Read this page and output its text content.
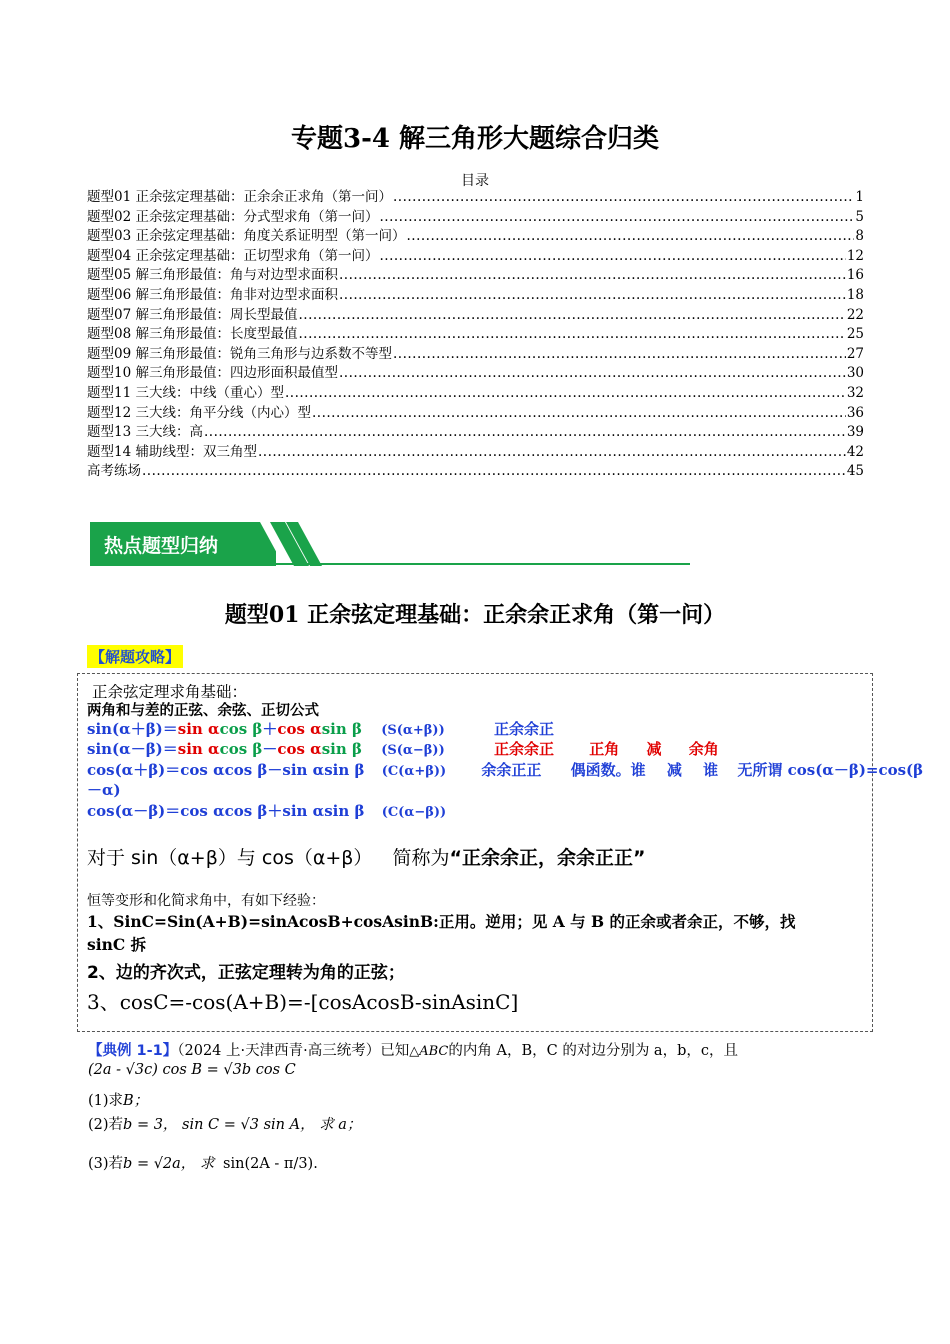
专题3-4 解三角形大题综合归类
目录
题型01 正余弦定理基础：正余余正求角（第一问） .....	1
题型02 正余弦定理基础：分式型求角（第一问） .....	5
题型03 正余弦定理基础：角度关系证明型（第一问） .....	8
题型04 正余弦定理基础：正切型求角（第一问） .....	12
题型05 解三角形最值：角与对边型求面积 .....	16
题型06 解三角形最值：角非对边型求面积 .....	18
题型07 解三角形最值：周长型最值 .....	22
题型08 解三角形最值：长度型最值 .....	25
题型09 解三角形最值：锐角三角形与边系数不等型 .....	27
题型10 解三角形最值：四边形面积最值型 .....	30
题型11 三大线：中线（重心）型 .....	32
题型12 三大线：角平分线（内心）型 .....	36
题型13 三大线：高 .....	39
题型14 辅助线型：双三角型 .....	42
高考练场 .....	45
热点题型归纳
题型01 正余弦定理基础：正余余正求角（第一问）
【解题攻略】
正余弦定理求角基础：
两角和与差的正弦、余弦、正切公式
sin(α＋β)＝sin αcos β＋cos αsin β (S(α+β))	正余余正
sin(α－β)＝sin αcos β－cos αsin β (S(α−β))	正余余正 正角 减 余角
cos(α＋β)＝cos αcos β－sin αsin β (C(α+β)) 余余正正 偶函数。谁 减 谁 无所谓 cos(α－β)=cos(β
－α)
cos(α－β)＝cos αcos β＋sin αsin β (C(α−β))
对于 sin（α+β）与 cos（α+β） 简称为“正余余正，余余正正”
恒等变形和化简求角中，有如下经验：
1、SinC=Sin(A+B)=sinAcosB+cosAsinB:正用。逆用；见 A 与 B 的正余或者余正，不够，找
sinC 拆
2、边的齐次式，正弦定理转为角的正弦；
3、cosC=-cos(A+B)=-[cosAcosB-sinAsinC]
【典例 1-1】（2024 上·天津西青·高三统考）已知△ABC的内角 A，B，C 的对边分别为 a，b，c，且
(2a - √3c) cos B = √3b cos C
(1)求B；
(2)若b = 3， sin C = √3 sin A， 求 a；
(3)若b = √2a， 求 sin(2A - π/3).
